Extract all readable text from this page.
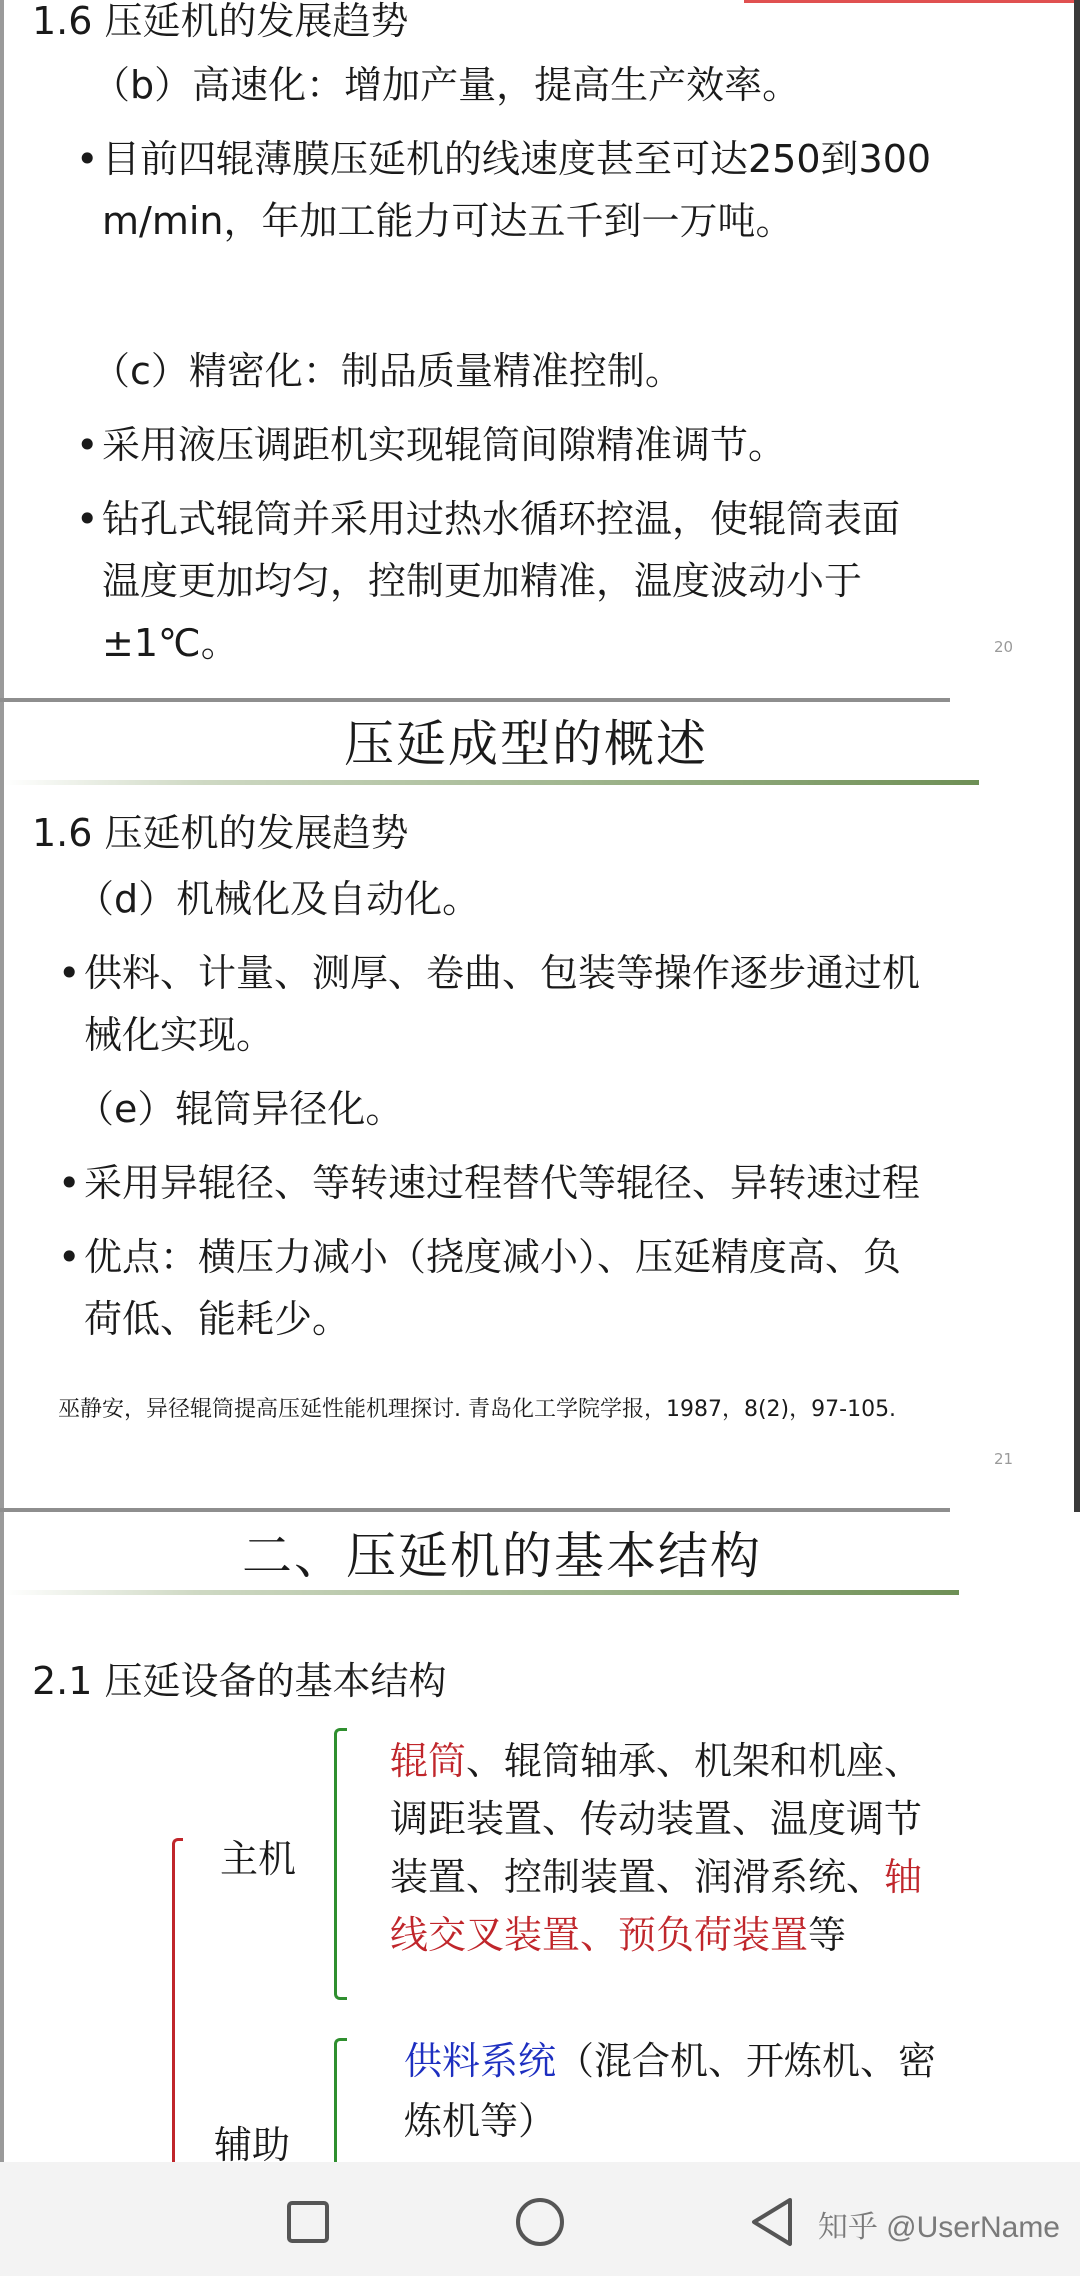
1.6 压延机的发展趋势
（b）高速化：增加产量，提高生产效率。
• 目前四辊薄膜压延机的线速度甚至可达250到300
m/min，年加工能力可达五千到一万吨。
（c）精密化：制品质量精准控制。
• 采用液压调距机实现辊筒间隙精准调节。
• 钻孔式辊筒并采用过热水循环控温，使辊筒表面
温度更加均匀，控制更加精准，温度波动小于
±1℃。	20
压延成型的概述
1.6 压延机的发展趋势
（d）机械化及自动化。
• 供料、计量、测厚、卷曲、包装等操作逐步通过机
械化实现。
（e）辊筒异径化。
• 采用异辊径、等转速过程替代等辊径、异转速过程
• 优点：横压力减小（挠度减小）、压延精度高、负
荷低、能耗少。
巫静安，异径辊筒提高压延性能机理探讨. 青岛化工学院学报，1987，8(2)，97-105.
21
二、压延机的基本结构
2.1 压延设备的基本结构
主机
辊筒、辊筒轴承、机架和机座、
调距装置、传动装置、温度调节
装置、控制装置、润滑系统、轴
线交叉装置、预负荷装置等
辅助
供料系统（混合机、开炼机、密
炼机等）
知乎 @UserName
